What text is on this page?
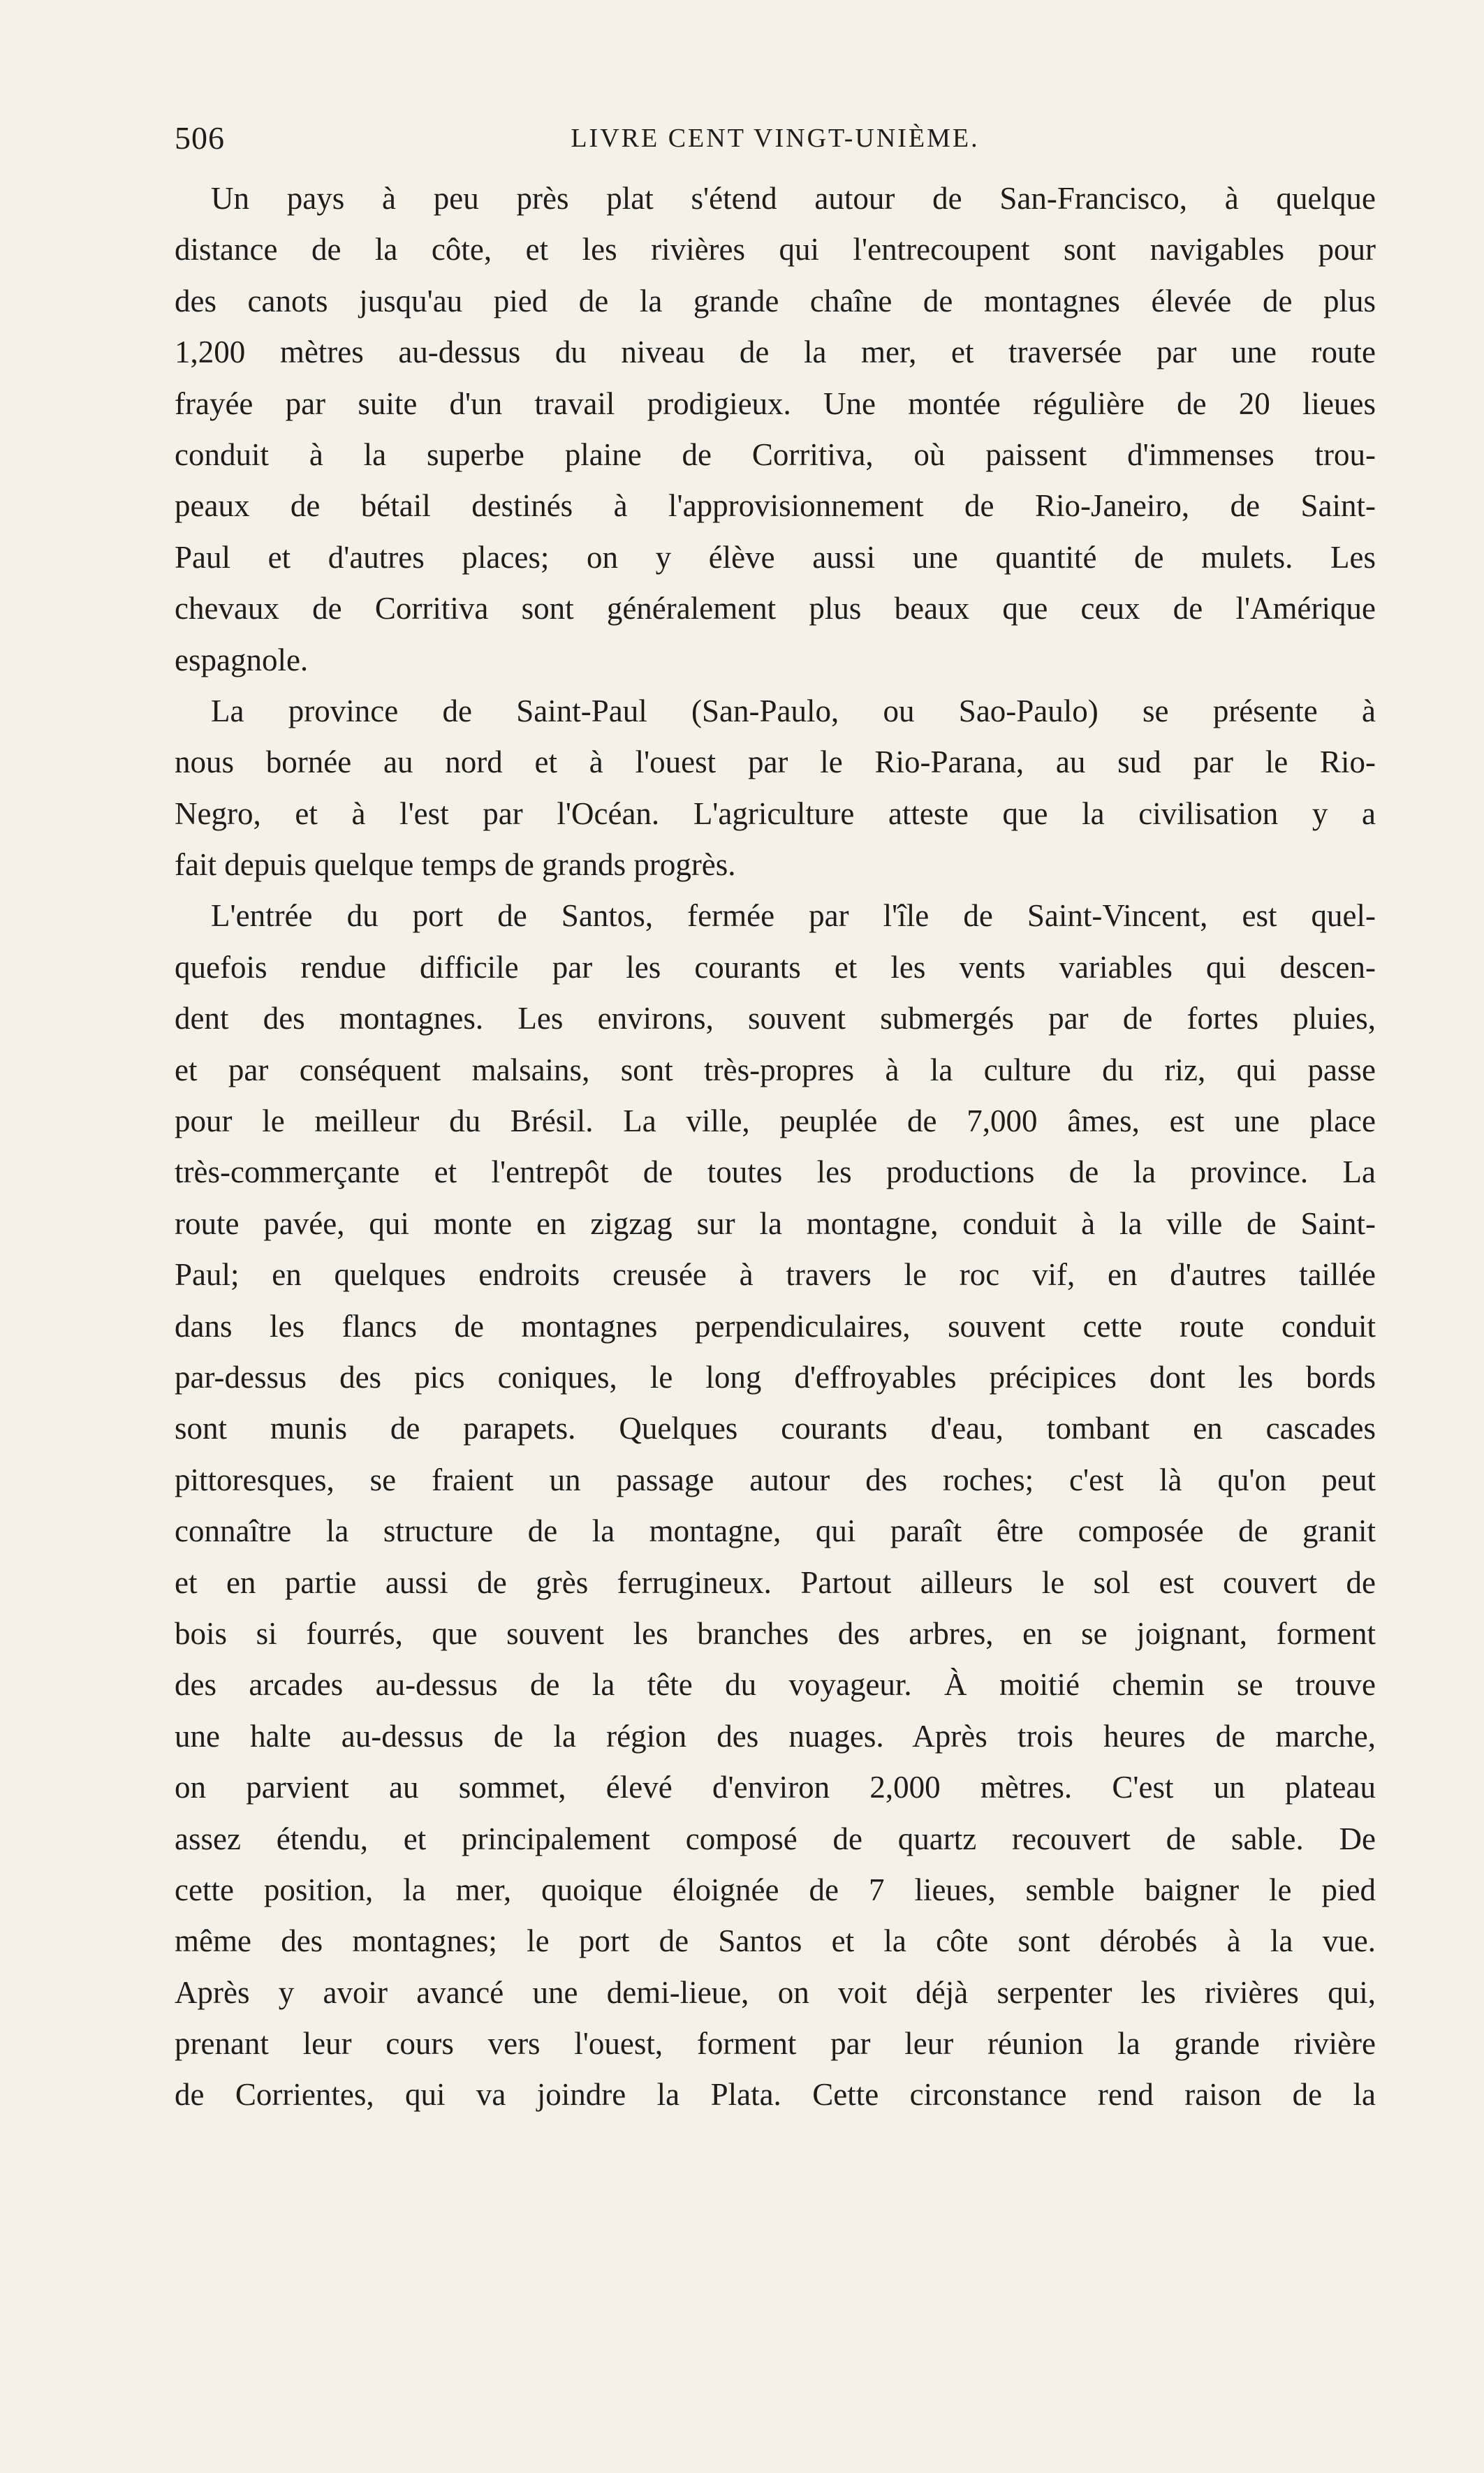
506	LIVRE CENT VINGT-UNIÈME.
Un pays à peu près plat s'étend autour de San-Francisco, à quelque
distance de la côte, et les rivières qui l'entrecoupent sont navigables pour
des canots jusqu'au pied de la grande chaîne de montagnes élevée de plus
1,200 mètres au-dessus du niveau de la mer, et traversée par une route
frayée par suite d'un travail prodigieux. Une montée régulière de 20 lieues
conduit à la superbe plaine de Corritiva, où paissent d'immenses trou-
peaux de bétail destinés à l'approvisionnement de Rio-Janeiro, de Saint-
Paul et d'autres places; on y élève aussi une quantité de mulets. Les
chevaux de Corritiva sont généralement plus beaux que ceux de l'Amérique
espagnole.
La province de Saint-Paul (San-Paulo, ou Sao-Paulo) se présente à
nous bornée au nord et à l'ouest par le Rio-Parana, au sud par le Rio-
Negro, et à l'est par l'Océan. L'agriculture atteste que la civilisation y a
fait depuis quelque temps de grands progrès.
L'entrée du port de Santos, fermée par l'île de Saint-Vincent, est quel-
quefois rendue difficile par les courants et les vents variables qui descen-
dent des montagnes. Les environs, souvent submergés par de fortes pluies,
et par conséquent malsains, sont très-propres à la culture du riz, qui passe
pour le meilleur du Brésil. La ville, peuplée de 7,000 âmes, est une place
très-commerçante et l'entrepôt de toutes les productions de la province. La
route pavée, qui monte en zigzag sur la montagne, conduit à la ville de Saint-
Paul; en quelques endroits creusée à travers le roc vif, en d'autres taillée
dans les flancs de montagnes perpendiculaires, souvent cette route conduit
par-dessus des pics coniques, le long d'effroyables précipices dont les bords
sont munis de parapets. Quelques courants d'eau, tombant en cascades
pittoresques, se fraient un passage autour des roches; c'est là qu'on peut
connaître la structure de la montagne, qui paraît être composée de granit
et en partie aussi de grès ferrugineux. Partout ailleurs le sol est couvert de
bois si fourrés, que souvent les branches des arbres, en se joignant, forment
des arcades au-dessus de la tête du voyageur. À moitié chemin se trouve
une halte au-dessus de la région des nuages. Après trois heures de marche,
on parvient au sommet, élevé d'environ 2,000 mètres. C'est un plateau
assez étendu, et principalement composé de quartz recouvert de sable. De
cette position, la mer, quoique éloignée de 7 lieues, semble baigner le pied
même des montagnes; le port de Santos et la côte sont dérobés à la vue.
Après y avoir avancé une demi-lieue, on voit déjà serpenter les rivières qui,
prenant leur cours vers l'ouest, forment par leur réunion la grande rivière
de Corrientes, qui va joindre la Plata. Cette circonstance rend raison de la
